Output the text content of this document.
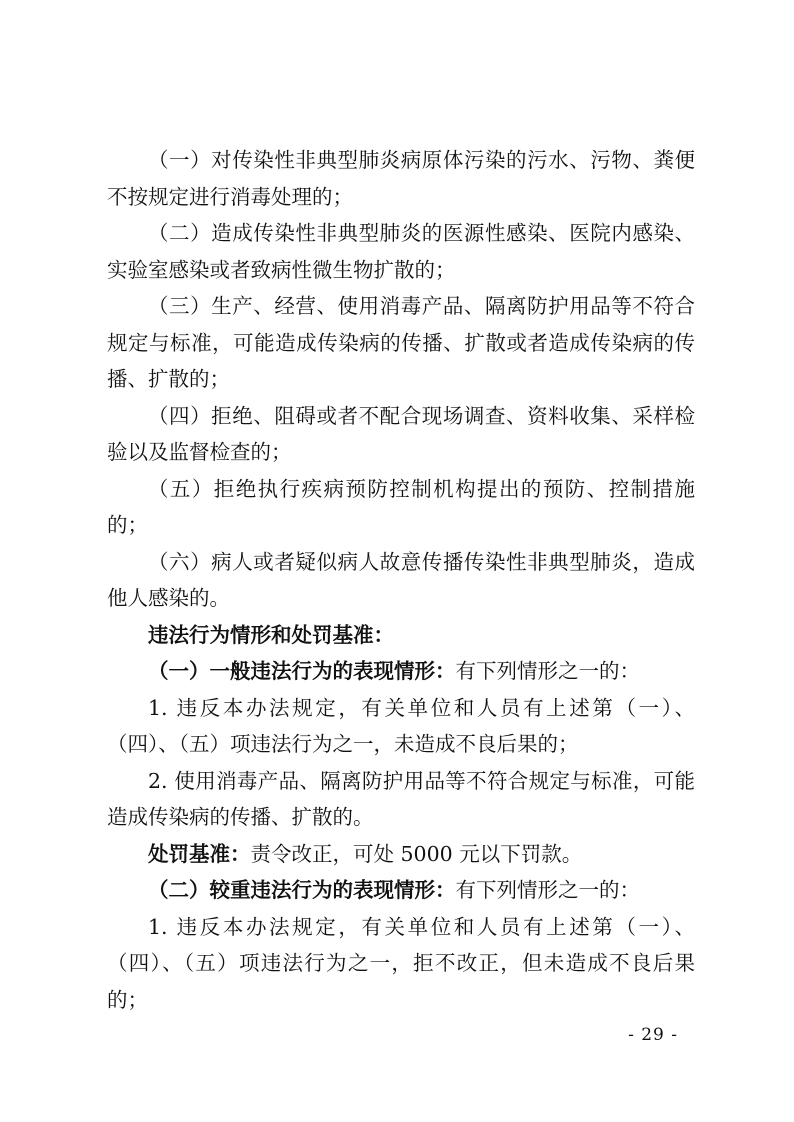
（一）对传染性非典型肺炎病原体污染的污水、污物、粪便不按规定进行消毒处理的；

（二）造成传染性非典型肺炎的医源性感染、医院内感染、实验室感染或者致病性微生物扩散的；

（三）生产、经营、使用消毒产品、隔离防护用品等不符合规定与标准，可能造成传染病的传播、扩散或者造成传染病的传播、扩散的；

（四）拒绝、阻碍或者不配合现场调查、资料收集、采样检验以及监督检查的；

（五）拒绝执行疾病预防控制机构提出的预防、控制措施的；

（六）病人或者疑似病人故意传播传染性非典型肺炎，造成他人感染的。

违法行为情形和处罚基准：

（一）一般违法行为的表现情形：有下列情形之一的：

1. 违反本办法规定，有关单位和人员有上述第（一）、（四）、（五）项违法行为之一，未造成不良后果的；

2. 使用消毒产品、隔离防护用品等不符合规定与标准，可能造成传染病的传播、扩散的。

处罚基准：责令改正，可处 5000 元以下罚款。

（二）较重违法行为的表现情形：有下列情形之一的：

1. 违反本办法规定，有关单位和人员有上述第（一）、（四）、（五）项违法行为之一，拒不改正，但未造成不良后果的；

- 29 -
